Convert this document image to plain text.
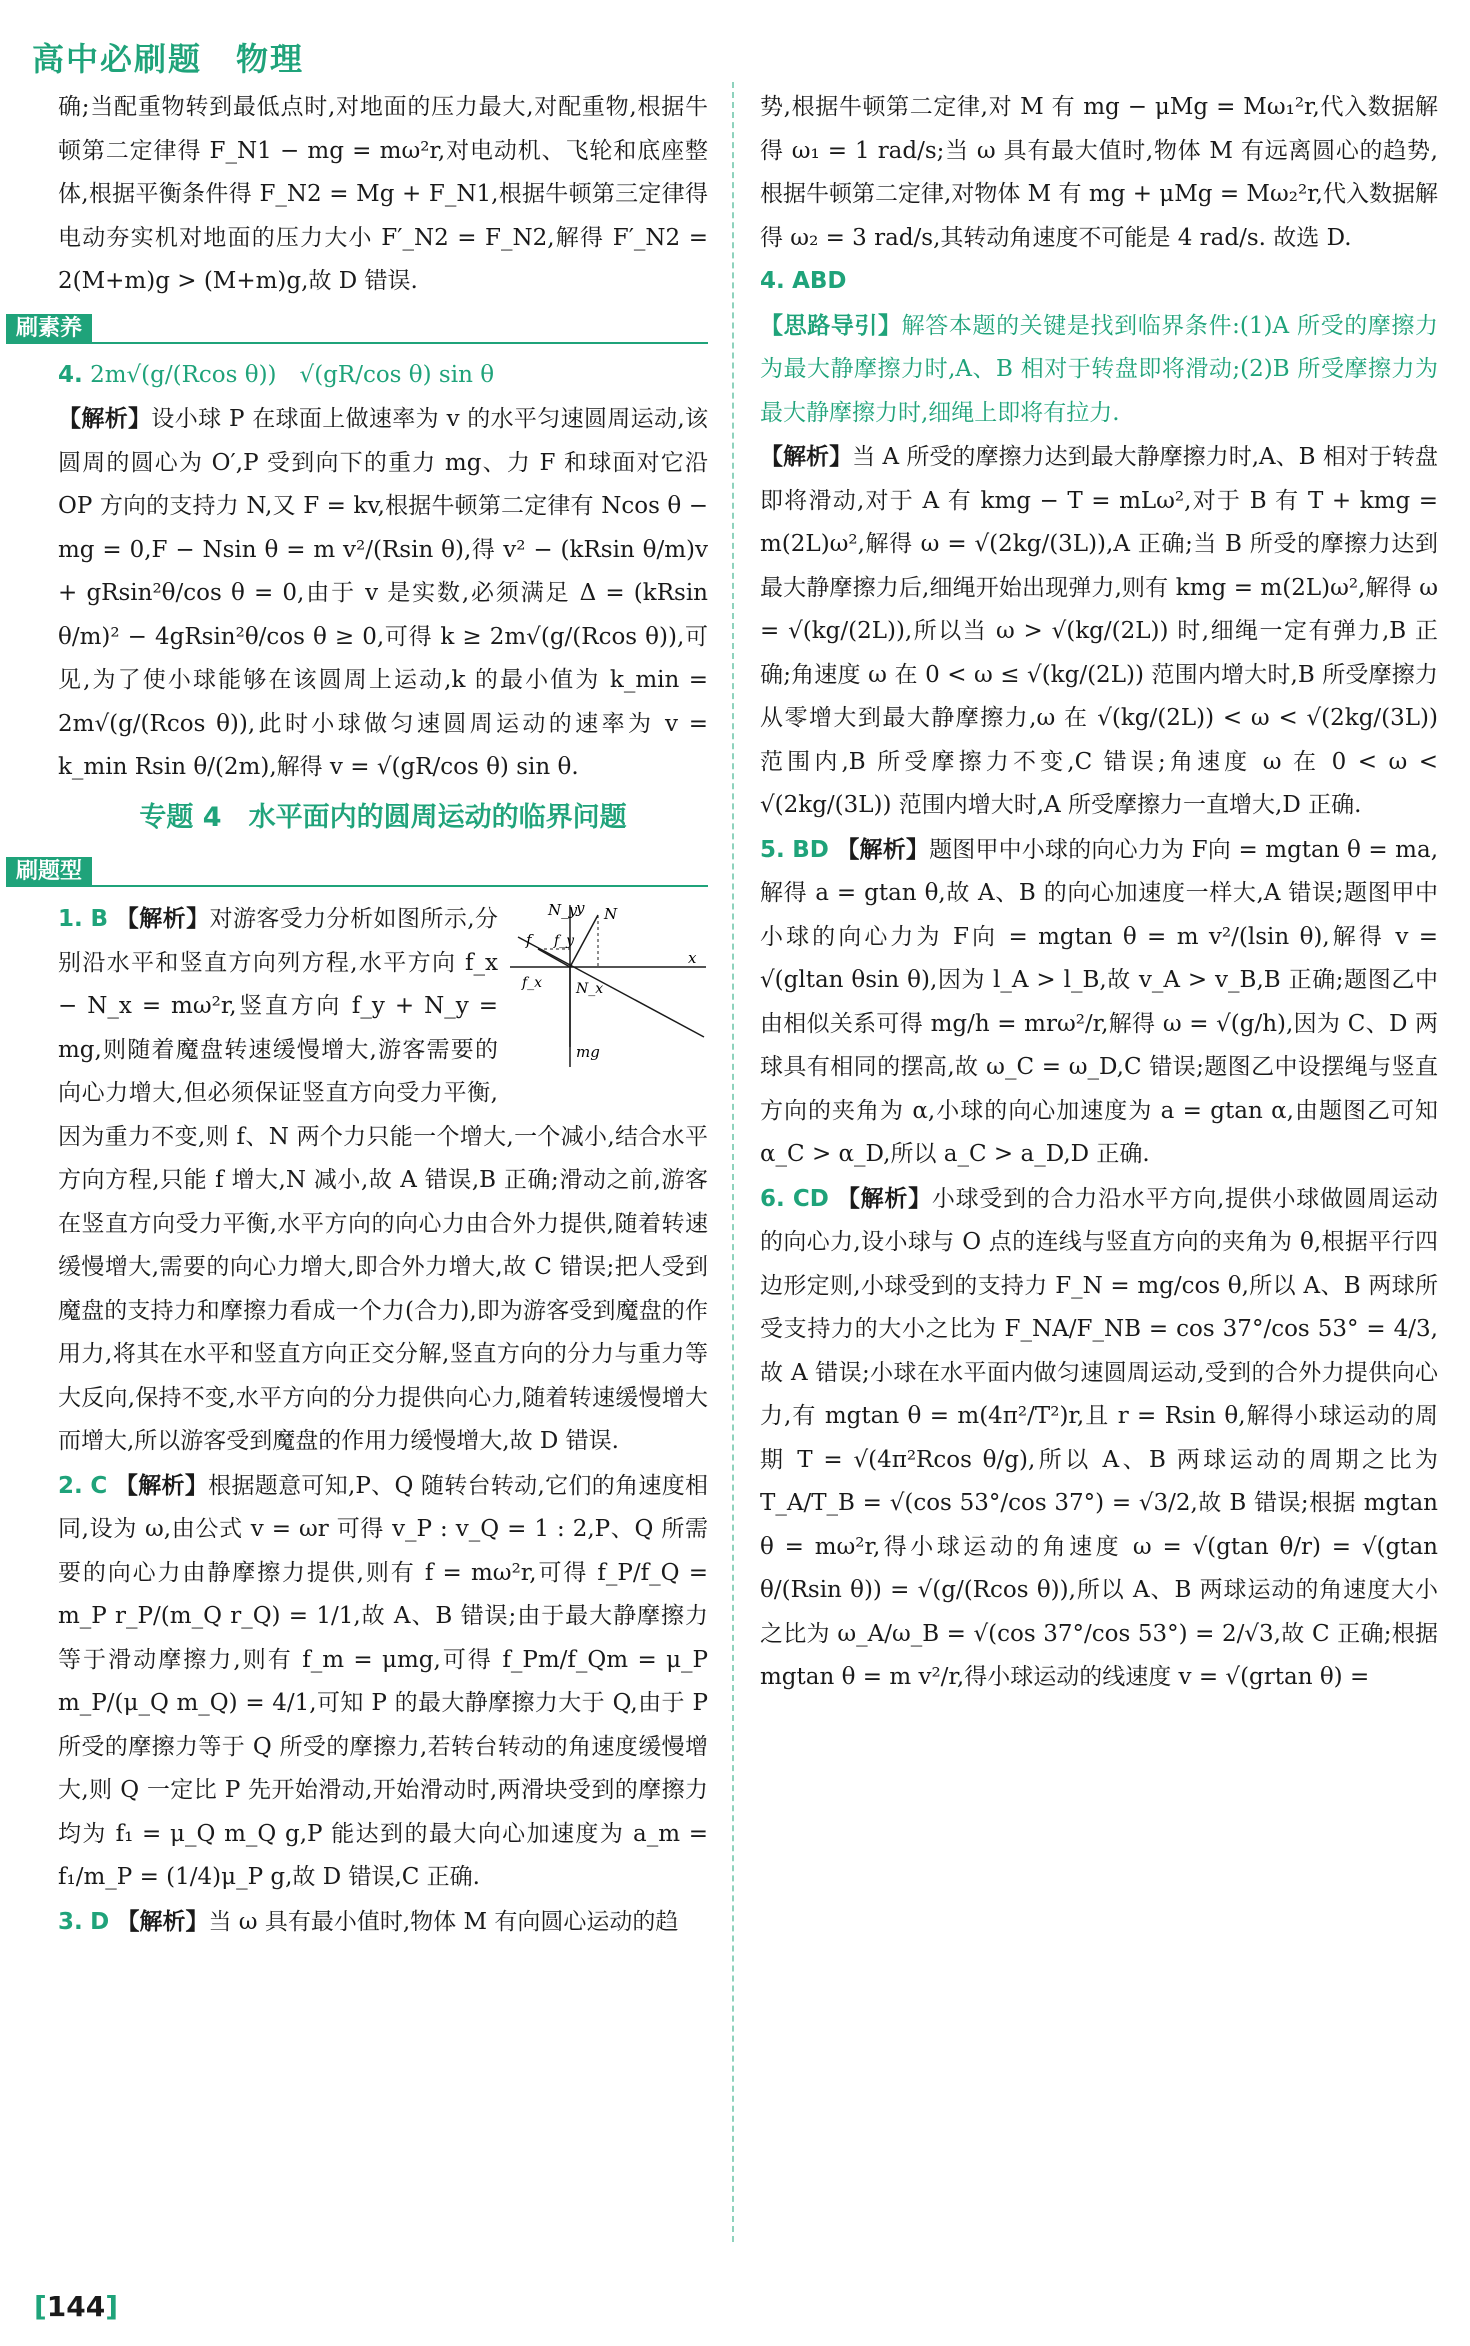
高中必刷题　物理

确;当配重物转到最低点时,对地面的压力最大,对配重物,根据牛顿第二定律得 F_N1 − mg = mω²r,对电动机、飞轮和底座整体,根据平衡条件得 F_N2 = Mg + F_N1,根据牛顿第三定律得电动夯实机对地面的压力大小 F′_N2 = F_N2,解得 F′_N2 = 2(M+m)g > (M+m)g,故 D 错误.

刷素养

4. 2m√(g/(Rcos θ))　√(gR/cos θ) sin θ

【解析】设小球 P 在球面上做速率为 v 的水平匀速圆周运动,该圆周的圆心为 O′,P 受到向下的重力 mg、力 F 和球面对它沿 OP 方向的支持力 N,又 F = kv,根据牛顿第二定律有 Ncos θ − mg = 0,F − Nsin θ = m v²/(Rsin θ),得 v² − (kRsin θ/m)v + gRsin²θ/cos θ = 0,由于 v 是实数,必须满足 Δ = (kRsin θ/m)² − 4gRsin²θ/cos θ ≥ 0,可得 k ≥ 2m√(g/(Rcos θ)),可见,为了使小球能够在该圆周上运动,k 的最小值为 k_min = 2m√(g/(Rcos θ)),此时小球做匀速圆周运动的速率为 v = k_min Rsin θ/(2m),解得 v = √(gR/cos θ) sin θ.

专题 4　水平面内的圆周运动的临界问题
刷题型
N_y N
f_y
f
f_x N_x
x
y
mg

1. B 【解析】对游客受力分析如图所示,分别沿水平和竖直方向列方程,水平方向 f_x − N_x = mω²r,竖直方向 f_y + N_y = mg,则随着魔盘转速缓慢增大,游客需要的向心力增大,但必须保证竖直方向受力平衡,因为重力不变,则 f、N 两个力只能一个增大,一个减小,结合水平方向方程,只能 f 增大,N 减小,故 A 错误,B 正确;滑动之前,游客在竖直方向受力平衡,水平方向的向心力由合外力提供,随着转速缓慢增大,需要的向心力增大,即合外力增大,故 C 错误;把人受到魔盘的支持力和摩擦力看成一个力(合力),即为游客受到魔盘的作用力,将其在水平和竖直方向正交分解,竖直方向的分力与重力等大反向,保持不变,水平方向的分力提供向心力,随着转速缓慢增大而增大,所以游客受到魔盘的作用力缓慢增大,故 D 错误.

2. C 【解析】根据题意可知,P、Q 随转台转动,它们的角速度相同,设为 ω,由公式 v = ωr 可得 v_P : v_Q = 1 : 2,P、Q 所需要的向心力由静摩擦力提供,则有 f = mω²r,可得 f_P/f_Q = m_P r_P/(m_Q r_Q) = 1/1,故 A、B 错误;由于最大静摩擦力等于滑动摩擦力,则有 f_m = μmg,可得 f_Pm/f_Qm = μ_P m_P/(μ_Q m_Q) = 4/1,可知 P 的最大静摩擦力大于 Q,由于 P 所受的摩擦力等于 Q 所受的摩擦力,若转台转动的角速度缓慢增大,则 Q 一定比 P 先开始滑动,开始滑动时,两滑块受到的摩擦力均为 f₁ = μ_Q m_Q g,P 能达到的最大向心加速度为 a_m = f₁/m_P = (1/4)μ_P g,故 D 错误,C 正确.

3. D 【解析】当 ω 具有最小值时,物体 M 有向圆心运动的趋

势,根据牛顿第二定律,对 M 有 mg − μMg = Mω₁²r,代入数据解得 ω₁ = 1 rad/s;当 ω 具有最大值时,物体 M 有远离圆心的趋势,根据牛顿第二定律,对物体 M 有 mg + μMg = Mω₂²r,代入数据解得 ω₂ = 3 rad/s,其转动角速度不可能是 4 rad/s. 故选 D.

4. ABD

【思路导引】解答本题的关键是找到临界条件:(1)A 所受的摩擦力为最大静摩擦力时,A、B 相对于转盘即将滑动;(2)B 所受摩擦力为最大静摩擦力时,细绳上即将有拉力.

【解析】当 A 所受的摩擦力达到最大静摩擦力时,A、B 相对于转盘即将滑动,对于 A 有 kmg − T = mLω²,对于 B 有 T + kmg = m(2L)ω²,解得 ω = √(2kg/(3L)),A 正确;当 B 所受的摩擦力达到最大静摩擦力后,细绳开始出现弹力,则有 kmg = m(2L)ω²,解得 ω = √(kg/(2L)),所以当 ω > √(kg/(2L)) 时,细绳一定有弹力,B 正确;角速度 ω 在 0 < ω ≤ √(kg/(2L)) 范围内增大时,B 所受摩擦力从零增大到最大静摩擦力,ω 在 √(kg/(2L)) < ω < √(2kg/(3L)) 范围内,B 所受摩擦力不变,C 错误;角速度 ω 在 0 < ω < √(2kg/(3L)) 范围内增大时,A 所受摩擦力一直增大,D 正确.

5. BD 【解析】题图甲中小球的向心力为 F向 = mgtan θ = ma,解得 a = gtan θ,故 A、B 的向心加速度一样大,A 错误;题图甲中小球的向心力为 F向 = mgtan θ = m v²/(lsin θ),解得 v = √(gltan θsin θ),因为 l_A > l_B,故 v_A > v_B,B 正确;题图乙中由相似关系可得 mg/h = mrω²/r,解得 ω = √(g/h),因为 C、D 两球具有相同的摆高,故 ω_C = ω_D,C 错误;题图乙中设摆绳与竖直方向的夹角为 α,小球的向心加速度为 a = gtan α,由题图乙可知 α_C > α_D,所以 a_C > a_D,D 正确.

6. CD 【解析】小球受到的合力沿水平方向,提供小球做圆周运动的向心力,设小球与 O 点的连线与竖直方向的夹角为 θ,根据平行四边形定则,小球受到的支持力 F_N = mg/cos θ,所以 A、B 两球所受支持力的大小之比为 F_NA/F_NB = cos 37°/cos 53° = 4/3,故 A 错误;小球在水平面内做匀速圆周运动,受到的合外力提供向心力,有 mgtan θ = m(4π²/T²)r,且 r = Rsin θ,解得小球运动的周期 T = √(4π²Rcos θ/g),所以 A、B 两球运动的周期之比为 T_A/T_B = √(cos 53°/cos 37°) = √3/2,故 B 错误;根据 mgtan θ = mω²r,得小球运动的角速度 ω = √(gtan θ/r) = √(gtan θ/(Rsin θ)) = √(g/(Rcos θ)),所以 A、B 两球运动的角速度大小之比为 ω_A/ω_B = √(cos 37°/cos 53°) = 2/√3,故 C 正确;根据 mgtan θ = m v²/r,得小球运动的线速度 v = √(grtan θ) =

[144]
